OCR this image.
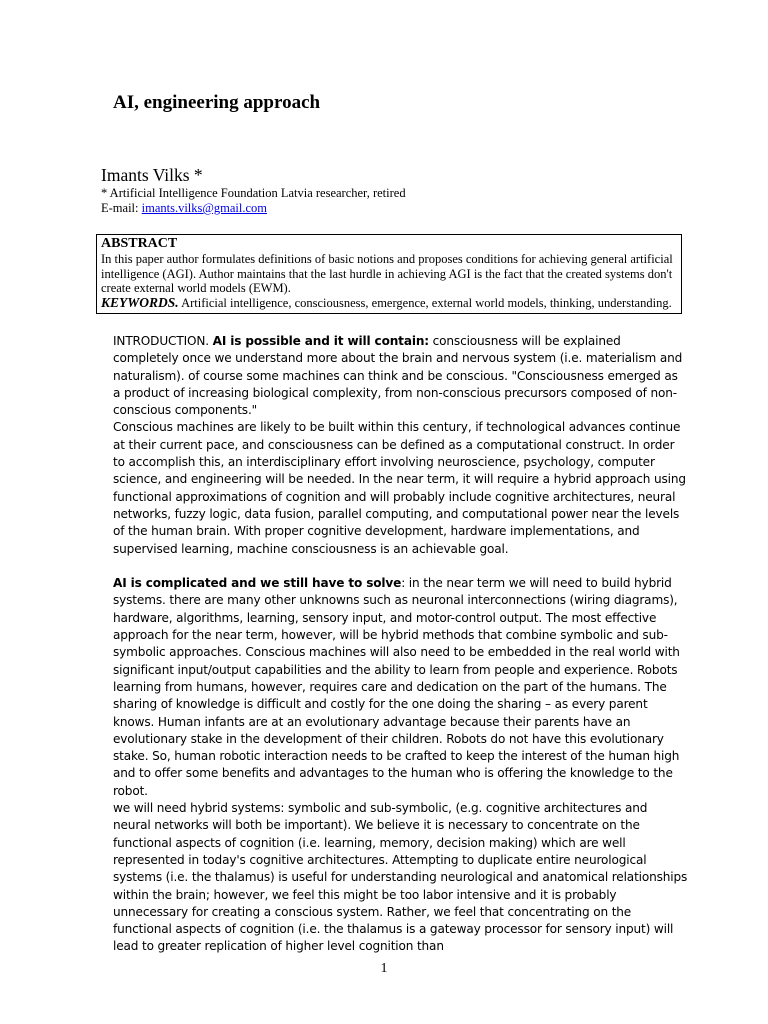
AI, engineering approach
Imants Vilks *
* Artificial Intelligence Foundation Latvia researcher, retired
E-mail: imants.vilks@gmail.com
ABSTRACT
In this paper author formulates definitions of basic notions and proposes conditions for achieving general artificial intelligence (AGI). Author maintains that the last hurdle in achieving AGI is the fact that the created systems don't create external world models (EWM).
KEYWORDS. Artificial intelligence, consciousness, emergence, external world models, thinking, understanding.

INTRODUCTION. AI is possible and it will contain: consciousness will be explained completely once we understand more about the brain and nervous system (i.e. materialism and naturalism). of course some machines can think and be conscious. "Consciousness emerged as a product of increasing biological complexity, from non-conscious precursors composed of non-conscious components."

Conscious machines are likely to be built within this century, if technological advances continue at their current pace, and consciousness can be defined as a computational construct. In order to accomplish this, an interdisciplinary effort involving neuroscience, psychology, computer science, and engineering will be needed. In the near term, it will require a hybrid approach using functional approximations of cognition and will probably include cognitive architectures, neural networks, fuzzy logic, data fusion, parallel computing, and computational power near the levels of the human brain. With proper cognitive development, hardware implementations, and supervised learning, machine consciousness is an achievable goal.

AI is complicated and we still have to solve: in the near term we will need to build hybrid systems. there are many other unknowns such as neuronal interconnections (wiring diagrams), hardware, algorithms, learning, sensory input, and motor-control output. The most effective approach for the near term, however, will be hybrid methods that combine symbolic and sub-symbolic approaches. Conscious machines will also need to be embedded in the real world with significant input/output capabilities and the ability to learn from people and experience. Robots learning from humans, however, requires care and dedication on the part of the humans. The sharing of knowledge is difficult and costly for the one doing the sharing – as every parent knows. Human infants are at an evolutionary advantage because their parents have an evolutionary stake in the development of their children. Robots do not have this evolutionary stake. So, human robotic interaction needs to be crafted to keep the interest of the human high and to offer some benefits and advantages to the human who is offering the knowledge to the robot.

we will need hybrid systems: symbolic and sub-symbolic, (e.g. cognitive architectures and neural networks will both be important). We believe it is necessary to concentrate on the functional aspects of cognition (i.e. learning, memory, decision making) which are well represented in today's cognitive architectures. Attempting to duplicate entire neurological systems (i.e. the thalamus) is useful for understanding neurological and anatomical relationships within the brain; however, we feel this might be too labor intensive and it is probably unnecessary for creating a conscious system. Rather, we feel that concentrating on the functional aspects of cognition (i.e. the thalamus is a gateway processor for sensory input) will lead to greater replication of higher level cognition than

1
